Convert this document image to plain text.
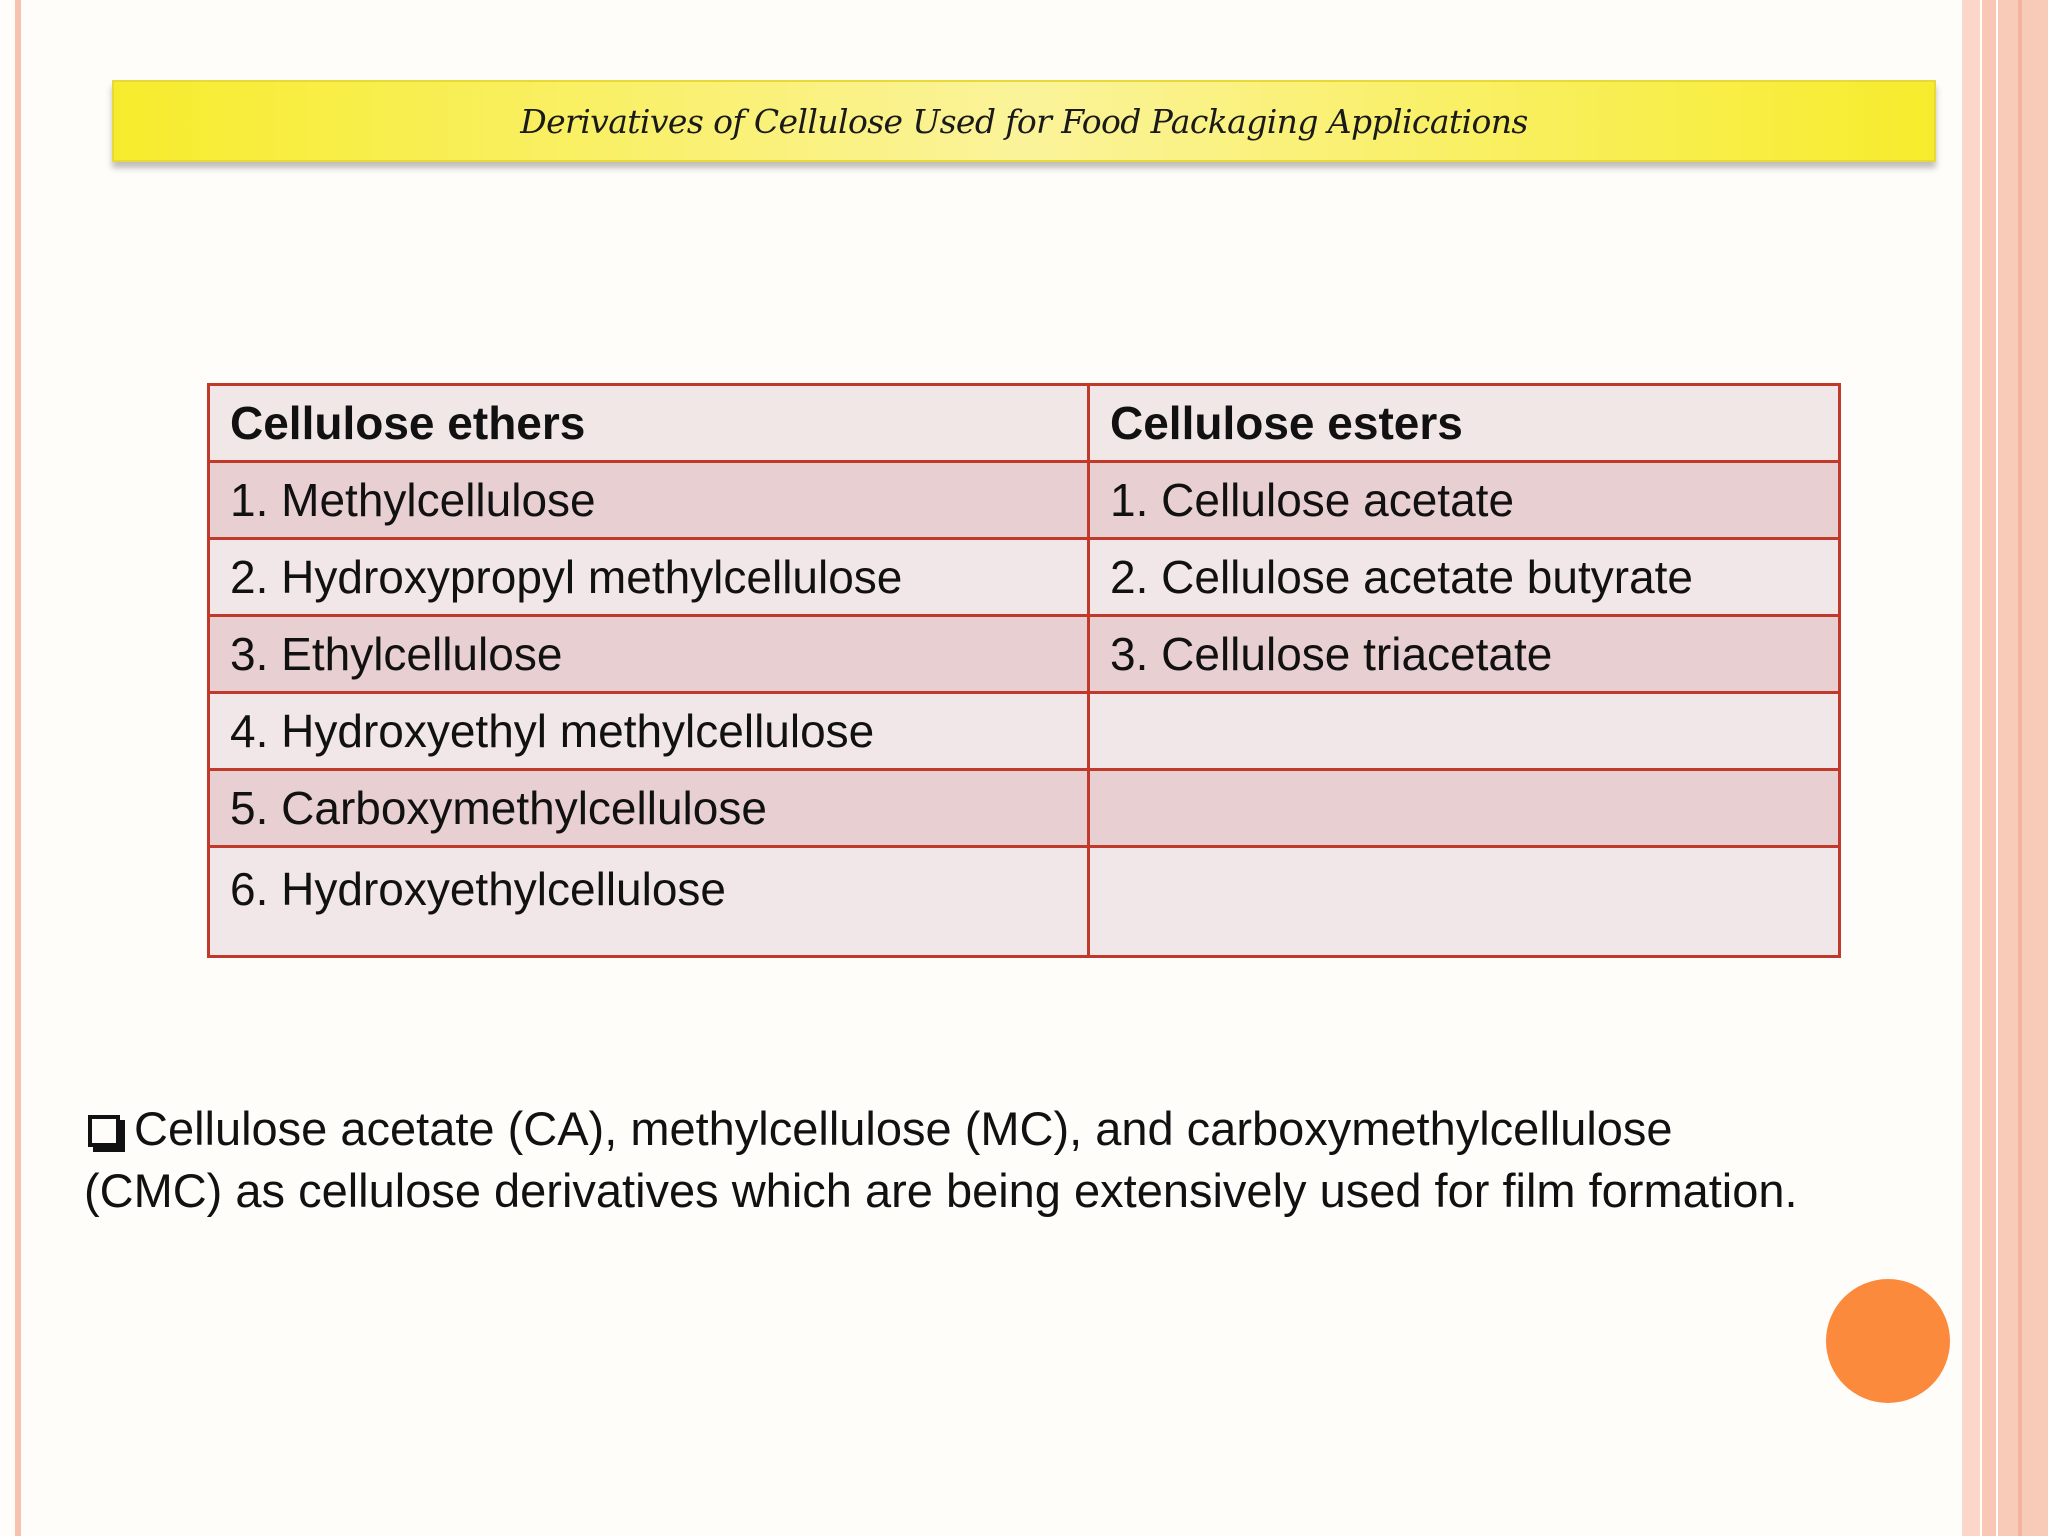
Derivatives of Cellulose Used for Food Packaging Applications
Cellulose ethers	Cellulose esters
1. Methylcellulose	1. Cellulose acetate
2. Hydroxypropyl methylcellulose	2. Cellulose acetate butyrate
3. Ethylcellulose	3. Cellulose triacetate
4. Hydroxyethyl methylcellulose	
5. Carboxymethylcellulose	
6. Hydroxyethylcellulose	
Cellulose acetate (CA), methylcellulose (MC), and carboxymethylcellulose
(CMC) as cellulose derivatives which are being extensively used for film formation.
